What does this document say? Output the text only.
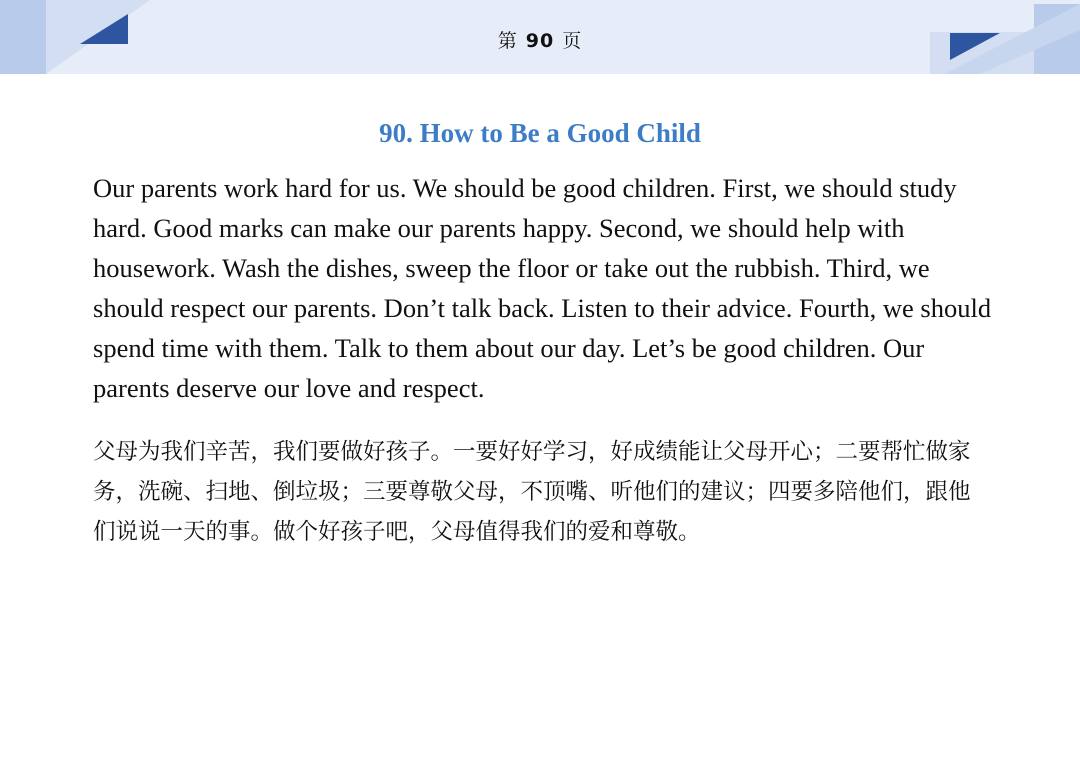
第 90 页
90. How to Be a Good Child

Our parents work hard for us. We should be good children. First, we should study hard. Good marks can make our parents happy. Second, we should help with housework. Wash the dishes, sweep the floor or take out the rubbish. Third, we should respect our parents. Don’t talk back. Listen to their advice. Fourth, we should spend time with them. Talk to them about our day. Let’s be good children. Our parents deserve our love and respect.

父母为我们辛苦，我们要做好孩子。一要好好学习，好成绩能让父母开心；二要帮忙做家务，洗碗、扫地、倒垃圾；三要尊敬父母，不顶嘴、听他们的建议；四要多陪他们，跟他们说说一天的事。做个好孩子吧，父母值得我们的爱和尊敬。
